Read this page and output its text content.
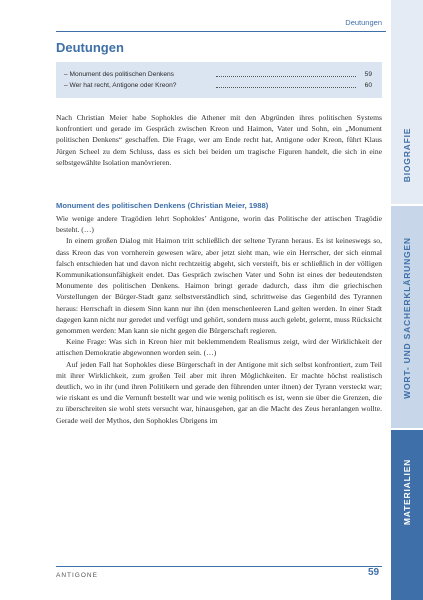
Deutungen
Deutungen
– Monument des politischen Denkens	59
– Wer hat recht, Antigone oder Kreon?	60
Nach Christian Meier habe Sophokles die Athener mit den Abgründen ihres politischen Systems konfrontiert und gerade im Gespräch zwischen Kreon und Haimon, Vater und Sohn, ein „Monument politischen Denkens“ geschaffen. Die Frage, wer am Ende recht hat, Antigone oder Kreon, führt Klaus Jürgen Scheel zu dem Schluss, dass es sich bei beiden um tragische Figuren handelt, die sich in eine selbstgewählte Isolation manövrieren.
Monument des politischen Denkens (Christian Meier, 1988)

Wie wenige andere Tragödien lehrt Sophokles’ Antigone, worin das Politische der attischen Tragödie besteht. (…)

In einem großen Dialog mit Haimon tritt schließlich der seltene Tyrann heraus. Es ist keineswegs so, dass Kreon das von vornherein gewesen wäre, aber jetzt sieht man, wie ein Herrscher, der sich einmal falsch entschieden hat und davon nicht rechtzeitig abgeht, sich versteift, bis er schließlich in der völligen Kommunikationsunfähigkeit endet. Das Gespräch zwischen Vater und Sohn ist eines der bedeutendsten Monumente des politischen Denkens. Haimon bringt gerade dadurch, dass ihm die griechischen Vorstellungen der Bürger-Stadt ganz selbstverständlich sind, schrittweise das Gegenbild des Tyrannen heraus: Herrschaft in diesem Sinn kann nur ihn (den menschenleeren Land gelten werden. In einer Stadt dagegen kann nicht nur geredet und verfügt und gehört, sondern muss auch gelebt, gelernt, muss Rücksicht genommen werden: Man kann sie nicht gegen die Bürgerschaft regieren.

Keine Frage: Was sich in Kreon hier mit beklemmendem Realismus zeigt, wird der Wirklichkeit der attischen Demokratie abgewonnen worden sein. (…)

Auf jeden Fall hat Sophokles diese Bürgerschaft in der Antigone mit sich selbst konfrontiert, zum Teil mit ihrer Wirklichkeit, zum großen Teil aber mit ihren Möglichkeiten. Er machte höchst realistisch deutlich, wo in ihr (und ihren Politikern und gerade den führenden unter ihnen) der Tyrann versteckt war; wie riskant es und die Vernunft bestellt war und wie wenig politisch es ist, wenn sie über die Grenzen, die zu überschreiten sie wohl stets versucht war, hinausgehen, gar an die Macht des Zeus heranlangen wollte. Gerade weil der Mythos, den Sophokles Übrigens im

ANTIGONE	59
BIOGRAFIE
WORT- UND SACHERKLÄRUNGEN
MATERIALIEN
